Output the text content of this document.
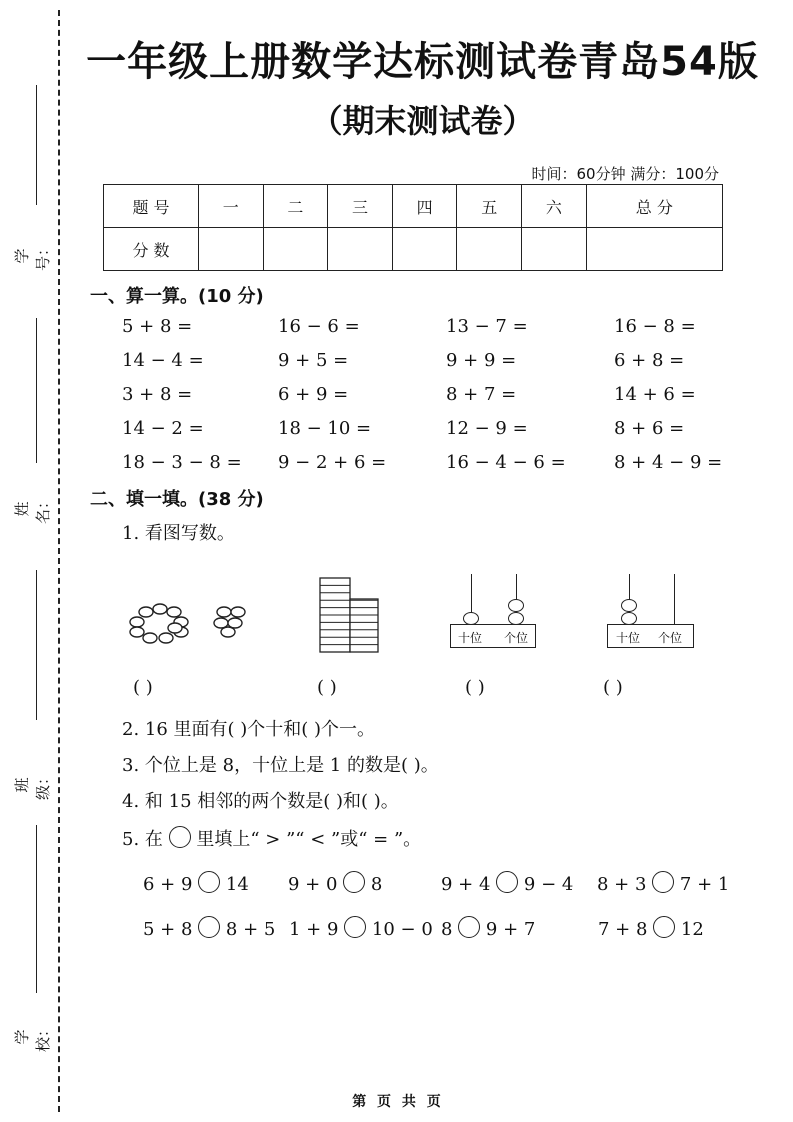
学号：
姓名：
班级：
学校：
一年级上册数学达标测试卷青岛54版
（期末测试卷）
时间：60分钟 满分：100分
题 号	一	二	三	四	五	六	总 分
分 数							
一、算一算。(10 分)
5 + 8 =	16 − 6 =	13 − 7 =	16 − 8 =
14 − 4 =	9 + 5 =	9 + 9 =	6 + 8 =
3 + 8 =	6 + 9 =	8 + 7 =	14 + 6 =
14 − 2 =	18 − 10 =	12 − 9 =	8 + 6 =
18 − 3 − 8 = 9 − 2 + 6 =	16 − 4 − 6 =	8 + 4 − 9 =
二、填一填。(38 分)
1. 看图写数。
十位 个位	十位 个位
( )	( )	( )	( )
2. 16 里面有( )个十和( )个一。
3. 个位上是 8，十位上是 1 的数是( )。
4. 和 15 相邻的两个数是( )和( )。
5. 在 里填上“ > ”“ < ”或“ = ”。
6 + 9 14 9 + 0 8	9 + 4 9 − 4 8 + 3 7 + 1
5 + 8 8 + 5 1 + 9 10 − 0 8 9 + 7	7 + 8 12
第 页 共 页
